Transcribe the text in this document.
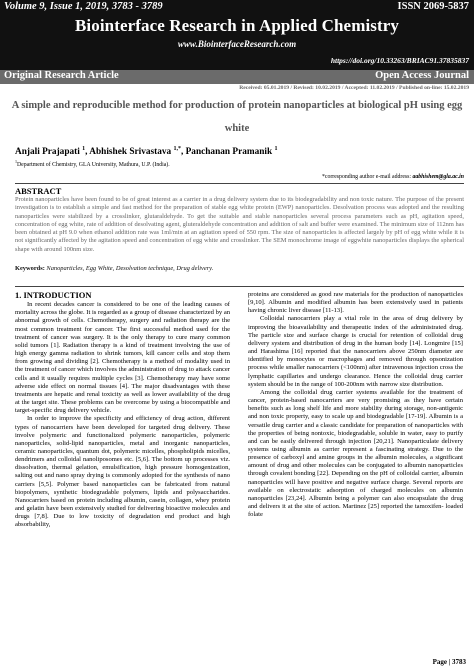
Volume 9, Issue 1, 2019, 3783 - 3789	ISSN 2069-5837
Biointerface Research in Applied Chemistry
www.BiointerfaceResearch.com
https://doi.org/10.33263/BRIAC91.37835837
Original Research Article	Open Access Journal
Received: 05.01.2019 / Revised: 10.02.2019 / Accepted: 11.02.2019 / Published on-line: 15.02.2019
A simple and reproducible method for production of protein nanoparticles at biological pH using egg white
Anjali Prajapati $^1$, Abhishek Srivastava $^{1,*}$, Panchanan Pramanik $^1$
$^1$Department of Chemistry, GLA University, Mathura, U.P. (India).
*corresponding author e-mail address: aabhishem@gla.ac.in
ABSTRACT
Protein nanoparticles have been found to be of great interest as a carrier in a drug delivery system due to its biodegradability and non toxic nature. The purpose of the present investigation is to establish a simple and fast method for the preparation of stable egg white protein (EWP) nanoparticles. Desolvation process was adopted and the resulting nanoparticles were stabilized by a crosslinker, glutaraldehyde. To get the suitable and stable nanoparticles several process parameters such as pH, agitation speed, concentration of egg white, rate of addition of desolvating agent, gluteraldehyde concentration and addition of salt and buffer were examined. The minimum size of 112nm has been obtained at pH 9.0 when ethanol addition rate was 1ml/min at an agitation speed of 550 rpm. The size of nanoparticles is affected largely by pH of egg white while it is not significantly affected by the agitation speed and concentration of egg white and crosslinker. The SEM monochrome image of eggwhite nanoparticles displays the spherical shape with around 100nm size.
Keywords: Nanoparticles, Egg White, Desolvation technique, Drug delivery.

1. INTRODUCTION

In recent decades cancer is considered to be one of the leading causes of mortality across the globe. It is regarded as a group of disease characterized by an abnormal growth of cells. Chemotherapy, surgery and radiation therapy are the most common treatment for cancer. The first successful method used for the treatment of cancer was surgery. It is the only therapy to cure many common solid tumors [1]. Radiation therapy is a kind of treatment involving the use of high energy gamma radiation to shrink tumors, kill cancer cells and stop them from growing and dividing [2]. Chemotherapy is a method of modality used in the treatment of cancer which involves the administration of drug to attack cancer cells and it usually requires multiple cycles [3]. Chemotherapy may have some adverse side effect on normal tissues [4]. The major disadvantages with these treatments are hepatic and renal toxicity as well as lower availability of the drug at the target site. These problems can be overcome by using a biocompatible and target-specific drug delivery vehicle.

In order to improve the specificity and efficiency of drug action, different types of nanocarriers have been developed for targeted drug delivery. These involve polymeric and functionalized polymeric nanoparticles, polymeric nanoparticles, solid-lipid nanoparticles, metal and inorganic nanoparticles, ceramic nanoparticles, quantum dot, polymeric micelles, phospholipids micelles, dendrimers and colloidal nanoliposomes etc. [5,6]. The bottom up processes viz. dissolvation, thermal gelation, emulsification, high pressure homogenization, salting out and nano spray drying is commonly adopted for the synthesis of nano carriers [5,5]. Polymer based nanoparticles can be fabricated from natural biopolymers, synthetic biodegradable polymers, lipids and polysaccharides. Nanocarriers based on protein including albumin, casein, collagen, whey protein and gelatin have been extensively studied for delivering bioactive molecules and drugs [7,8]. Due to low toxicity of degradation end product and high absorbability,

proteins are considered as good raw materials for the production of nanoparticles [9,10]. Albumin and modified albumin has been extensively used in patients having chronic liver disease [11-13].

Colloidal nanocarriers play a vital role in the area of drug delivery by improving the bioavailability and therapeutic index of the administrated drug. The particle size and surface charge is crucial for retention of colloidal drug delivery system and distribution of drug in the human body [14]. Longmire [15] and Harashima [16] reported that the nanocarriers above 250nm diameter are identified by monocytes or macrophages and removed through opsonization process while smaller nanocarriers (<100nm) after intravenous injection cross the lymphatic capillaries and undergo clearance. Hence the colloidal drug carrier system should be in the range of 100-200nm with narrow size distribution.

Among the colloidal drug carrier systems available for the treatment of cancer, protein-based nanocarriers are very promising as they have certain benefits such as long shelf life and more stability during storage, non-antigenic and non toxic property, easy to scale up and biodegradable [17-19]. Albumin is a versatile drug carrier and a classic candidate for preparation of nanoparticles with the properties of being nontoxic, biodegradable, soluble in water, easy to purify and can be easily delivered through injection [20,21]. Nanoparticulate delivery systems using albumin as carrier represent a fascinating strategy. Due to the presence of carboxyl and amine groups in the albumin molecules, a significant amount of drug and other molecules can be conjugated to albumin nanoparticles through covalent bonding [22]. Depending on the pH of colloidal carrier, albumin nanoparticles will have positive and negative surface charge. Several reports are available on electrostatic adsorption of charged molecules on albumin nanoparticles [23,24]. Albumin being a polymer can also encapsulate the drug and delivers it at the site of action. Martinez [25] reported the tamoxifen- loaded folate

Page | 3783
